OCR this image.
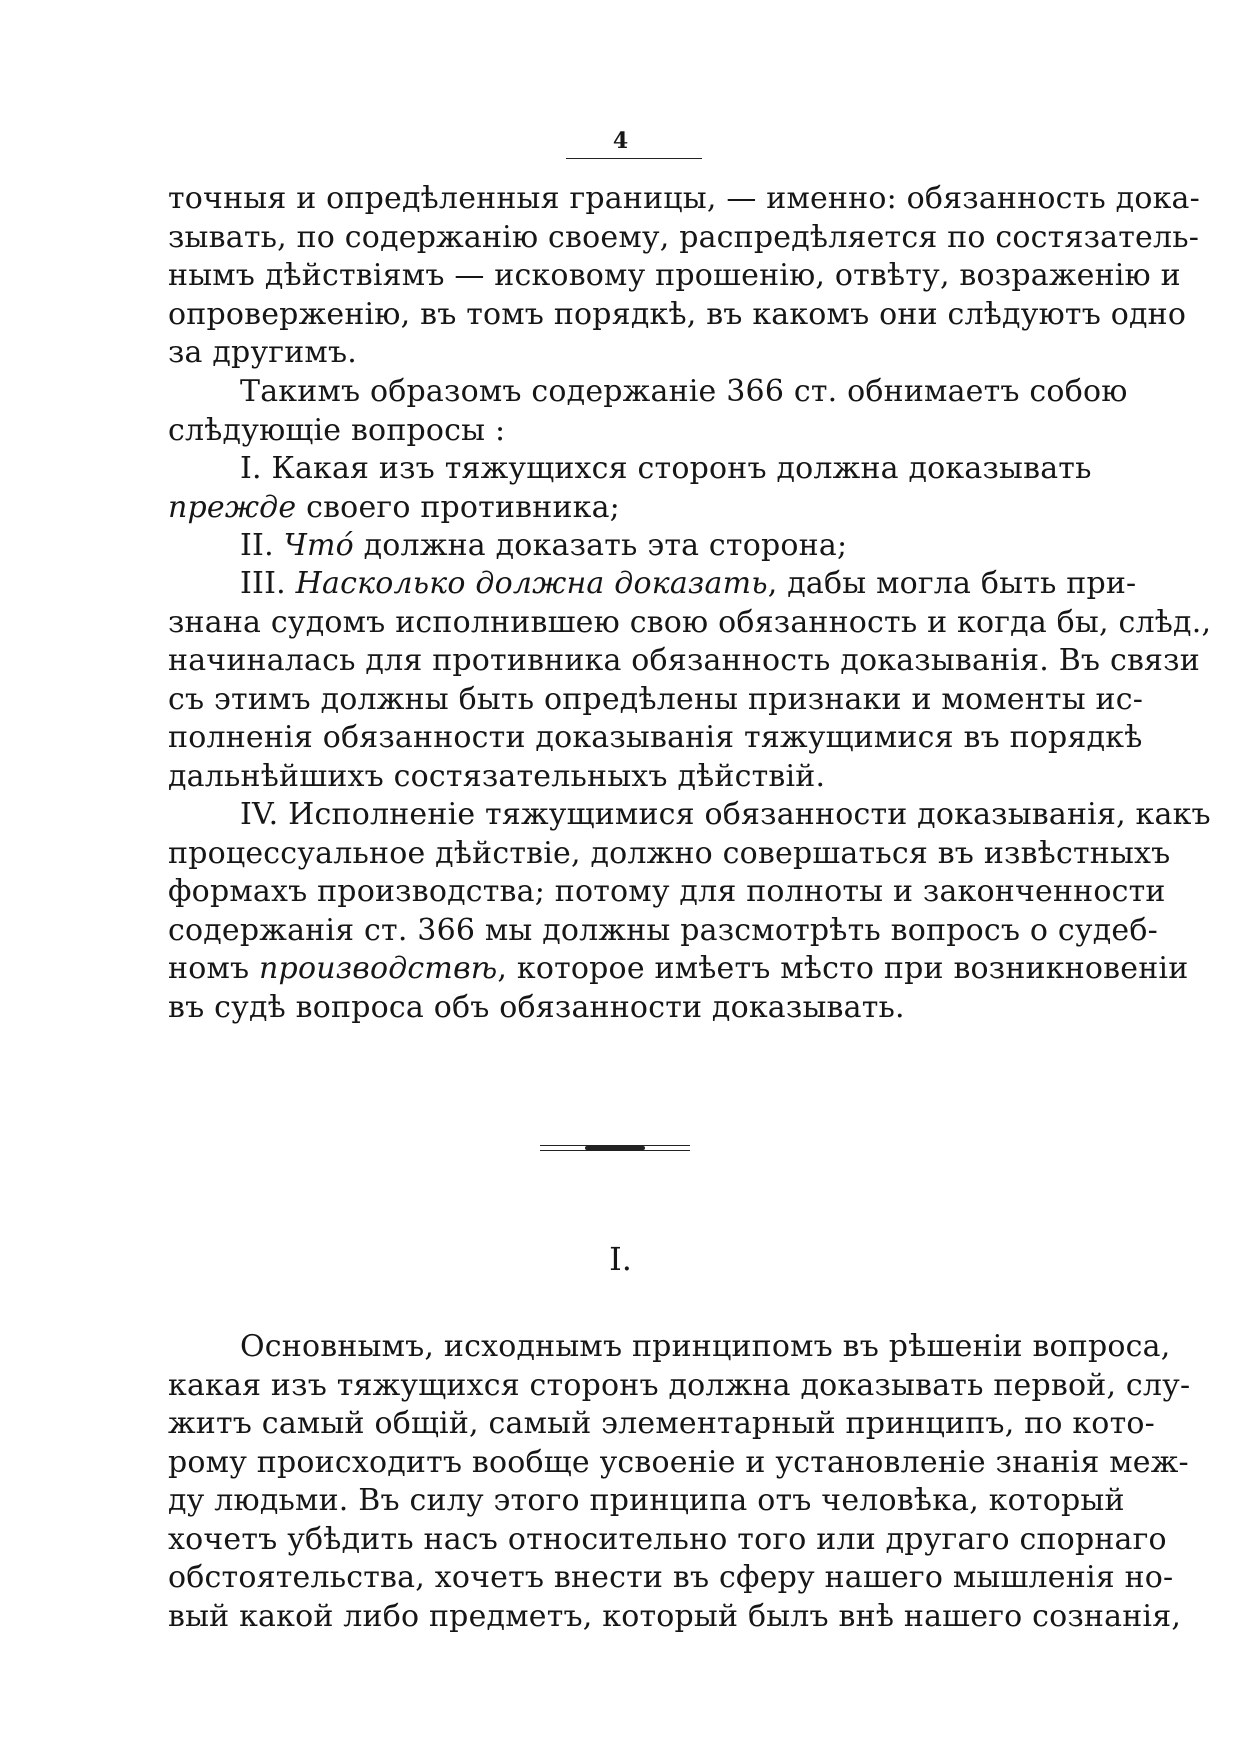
4
точныя и опредѣленныя границы, — именно: обязанность дока-
зывать, по содержанію своему, распредѣляется по состязатель-
нымъ дѣйствіямъ — исковому прошенію, отвѣту, возраженію и
опроверженію, въ томъ порядкѣ, въ какомъ они слѣдуютъ одно
за другимъ.
Такимъ образомъ содержаніе 366 ст. обнимаетъ собою
слѣдующіе вопросы :
I. Какая изъ тяжущихся сторонъ должна доказывать
прежде своего противника;
II. Что́ должна доказать эта сторона;
III. Насколько должна доказать, дабы могла быть при-
знана судомъ исполнившею свою обязанность и когда бы, слѣд.,
начиналась для противника обязанность доказыванія. Въ связи
съ этимъ должны быть опредѣлены признаки и моменты ис-
полненія обязанности доказыванія тяжущимися въ порядкѣ
дальнѣйшихъ состязательныхъ дѣйствій.
IV. Исполненіе тяжущимися обязанности доказыванія, какъ
процессуальное дѣйствіе, должно совершаться въ извѣстныхъ
формахъ производства; потому для полноты и законченности
содержанія ст. 366 мы должны разсмотрѣть вопросъ о судеб-
номъ производствѣ, которое имѣетъ мѣсто при возникновеніи
въ судѣ вопроса объ обязанности доказывать.
I.
Основнымъ, исходнымъ принципомъ въ рѣшеніи вопроса,
какая изъ тяжущихся сторонъ должна доказывать первой, слу-
житъ самый общій, самый элементарный принципъ, по кото-
рому происходитъ вообще усвоеніе и установленіе знанія меж-
ду людьми. Въ силу этого принципа отъ человѣка, который
хочетъ убѣдить насъ относительно того или другаго спорнаго
обстоятельства, хочетъ внести въ сферу нашего мышленія но-
вый какой либо предметъ, который былъ внѣ нашего сознанія,
